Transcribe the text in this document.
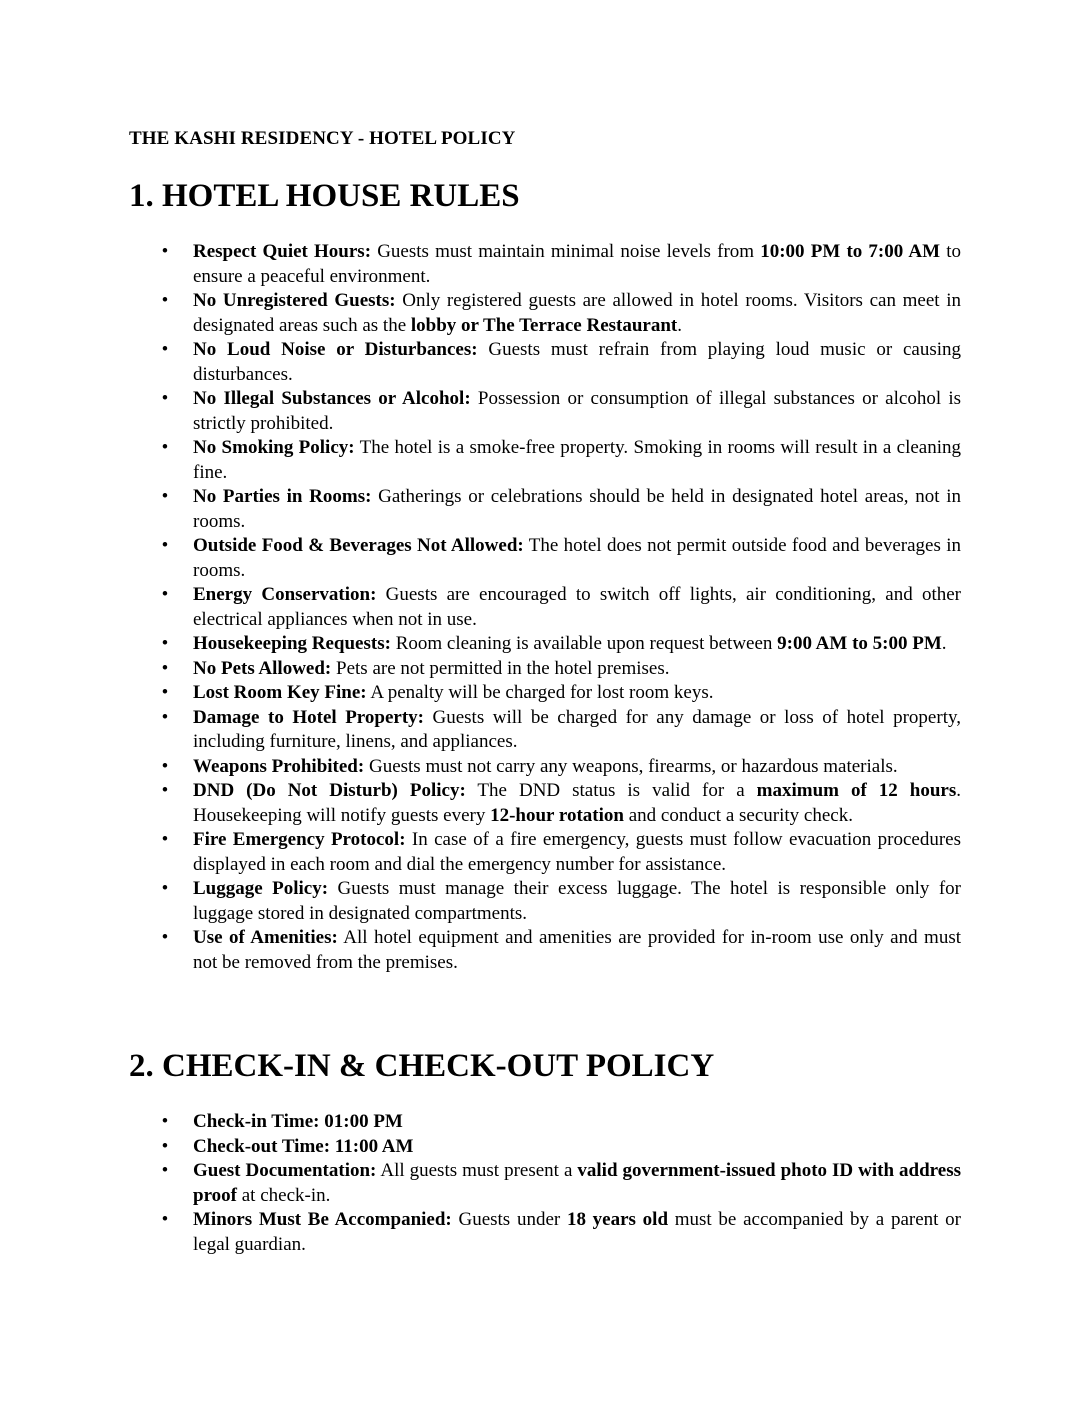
THE KASHI RESIDENCY - HOTEL POLICY
1. HOTEL HOUSE RULES
• Respect Quiet Hours: Guests must maintain minimal noise levels from 10:00 PM to 7:00 AM to ensure a peaceful environment.
• No Unregistered Guests: Only registered guests are allowed in hotel rooms. Visitors can meet in designated areas such as the lobby or The Terrace Restaurant.
• No Loud Noise or Disturbances: Guests must refrain from playing loud music or causing disturbances.
• No Illegal Substances or Alcohol: Possession or consumption of illegal substances or alcohol is strictly prohibited.
• No Smoking Policy: The hotel is a smoke-free property. Smoking in rooms will result in a cleaning fine.
• No Parties in Rooms: Gatherings or celebrations should be held in designated hotel areas, not in rooms.
• Outside Food & Beverages Not Allowed: The hotel does not permit outside food and beverages in rooms.
• Energy Conservation: Guests are encouraged to switch off lights, air conditioning, and other electrical appliances when not in use.
• Housekeeping Requests: Room cleaning is available upon request between 9:00 AM to 5:00 PM.
• No Pets Allowed: Pets are not permitted in the hotel premises.
• Lost Room Key Fine: A penalty will be charged for lost room keys.
• Damage to Hotel Property: Guests will be charged for any damage or loss of hotel property, including furniture, linens, and appliances.
• Weapons Prohibited: Guests must not carry any weapons, firearms, or hazardous materials.
• DND (Do Not Disturb) Policy: The DND status is valid for a maximum of 12 hours. Housekeeping will notify guests every 12-hour rotation and conduct a security check.
• Fire Emergency Protocol: In case of a fire emergency, guests must follow evacuation procedures displayed in each room and dial the emergency number for assistance.
• Luggage Policy: Guests must manage their excess luggage. The hotel is responsible only for luggage stored in designated compartments.
• Use of Amenities: All hotel equipment and amenities are provided for in-room use only and must not be removed from the premises.
2. CHECK-IN & CHECK-OUT POLICY
• Check-in Time: 01:00 PM
• Check-out Time: 11:00 AM
• Guest Documentation: All guests must present a valid government-issued photo ID with address proof at check-in.
• Minors Must Be Accompanied: Guests under 18 years old must be accompanied by a parent or legal guardian.
